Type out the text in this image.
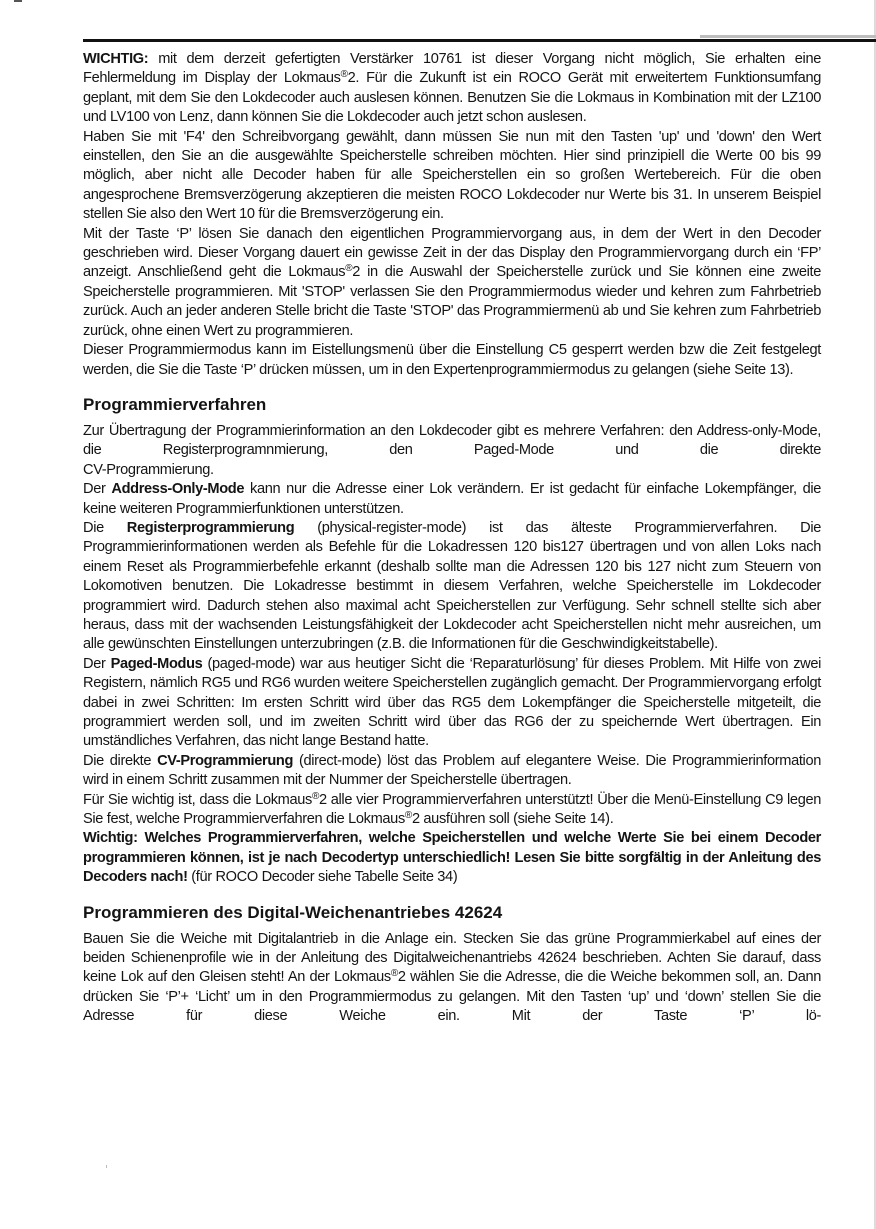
WICHTIG: mit dem derzeit gefertigten Verstärker 10761 ist dieser Vorgang nicht möglich, Sie erhalten eine Fehlermeldung im Display der Lokmaus®2. Für die Zukunft ist ein ROCO Gerät mit erweitertem Funktionsumfang geplant, mit dem Sie den Lokdecoder auch auslesen können. Benutzen Sie die Lokmaus in Kombination mit der LZ100 und LV100 von Lenz, dann können Sie die Lokdecoder auch jetzt schon auslesen.

Haben Sie mit 'F4' den Schreibvorgang gewählt, dann müssen Sie nun mit den Tasten 'up' und 'down' den Wert einstellen, den Sie an die ausgewählte Speicherstelle schreiben möchten. Hier sind prinzipiell die Werte 00 bis 99 möglich, aber nicht alle Decoder haben für alle Speicherstellen ein so großen Wertebereich. Für die oben angesprochene Bremsverzögerung akzeptieren die meisten ROCO Lokdecoder nur Werte bis 31. In unserem Beispiel stellen Sie also den Wert 10 für die Bremsverzögerung ein.

Mit der Taste ‘P’ lösen Sie danach den eigentlichen Programmiervorgang aus, in dem der Wert in den Decoder geschrieben wird. Dieser Vorgang dauert ein gewisse Zeit in der das Display den Programmiervorgang durch ein ‘FP’ anzeigt. Anschließend geht die Lokmaus®2 in die Auswahl der Speicherstelle zurück und Sie können eine zweite Speicherstelle programmieren. Mit 'STOP' verlassen Sie den Programmiermodus wieder und kehren zum Fahrbetrieb zurück. Auch an jeder anderen Stelle bricht die Taste 'STOP' das Programmiermenü ab und Sie kehren zum Fahrbetrieb zurück, ohne einen Wert zu programmieren.

Dieser Programmiermodus kann im Eistellungsmenü über die Einstellung C5 gesperrt werden bzw die Zeit festgelegt werden, die Sie die Taste ‘P’ drücken müssen, um in den Expertenprogrammiermodus zu gelangen (siehe Seite 13).

Programmierverfahren

Zur Übertragung der Programmierinformation an den Lokdecoder gibt es mehrere Verfahren: den Address-only-Mode, die Registerprogramnmierung, den Paged-Mode und die direkte

CV-Programmierung.

Der Address-Only-Mode kann nur die Adresse einer Lok verändern. Er ist gedacht für einfache Lokempfänger, die keine weiteren Programmierfunktionen unterstützen.

Die Registerprogrammierung (physical-register-mode) ist das älteste Programmierverfahren. Die Programmierinformationen werden als Befehle für die Lokadressen 120 bis127 übertragen und von allen Loks nach einem Reset als Programmierbefehle erkannt (deshalb sollte man die Adressen 120 bis 127 nicht zum Steuern von Lokomotiven benutzen. Die Lokadresse bestimmt in diesem Verfahren, welche Speicherstelle im Lokdecoder programmiert wird. Dadurch stehen also maximal acht Speicherstellen zur Verfügung. Sehr schnell stellte sich aber heraus, dass mit der wachsenden Leistungsfähigkeit der Lokdecoder acht Speicherstellen nicht mehr ausreichen, um alle gewünschten Einstellungen unterzubringen (z.B. die Informationen für die Geschwindigkeitstabelle).

Der Paged-Modus (paged-mode) war aus heutiger Sicht die ‘Reparaturlösung’ für dieses Problem. Mit Hilfe von zwei Registern, nämlich RG5 und RG6 wurden weitere Speicherstellen zugänglich gemacht. Der Programmiervorgang erfolgt dabei in zwei Schritten: Im ersten Schritt wird über das RG5 dem Lokempfänger die Speicherstelle mitgeteilt, die programmiert werden soll, und im zweiten Schritt wird über das RG6 der zu speichernde Wert übertragen. Ein umständliches Verfahren, das nicht lange Bestand hatte.

Die direkte CV-Programmierung (direct-mode) löst das Problem auf elegantere Weise. Die Programmierinformation wird in einem Schritt zusammen mit der Nummer der Speicherstelle übertragen.

Für Sie wichtig ist, dass die Lokmaus®2 alle vier Programmierverfahren unterstützt! Über die Menü-Einstellung C9 legen Sie fest, welche Programmierverfahren die Lokmaus®2 ausführen soll (siehe Seite 14).

Wichtig: Welches Programmierverfahren, welche Speicherstellen und welche Werte Sie bei einem Decoder programmieren können, ist je nach Decodertyp unterschiedlich! Lesen Sie bitte sorgfältig in der Anleitung des Decoders nach! (für ROCO Decoder siehe Tabelle Seite 34)

Programmieren des Digital-Weichenantriebes 42624

Bauen Sie die Weiche mit Digitalantrieb in die Anlage ein. Stecken Sie das grüne Programmierkabel auf eines der beiden Schienenprofile wie in der Anleitung des Digitalweichenantriebs 42624 beschrieben. Achten Sie darauf, dass keine Lok auf den Gleisen steht! An der Lokmaus®2 wählen Sie die Adresse, die die Weiche bekommen soll, an. Dann drücken Sie ‘P’+ ‘Licht’ um in den Programmiermodus zu gelangen. Mit den Tasten ‘up’ und ‘down’ stellen Sie die Adresse für diese Weiche ein. Mit der Taste ‘P’ lö-
